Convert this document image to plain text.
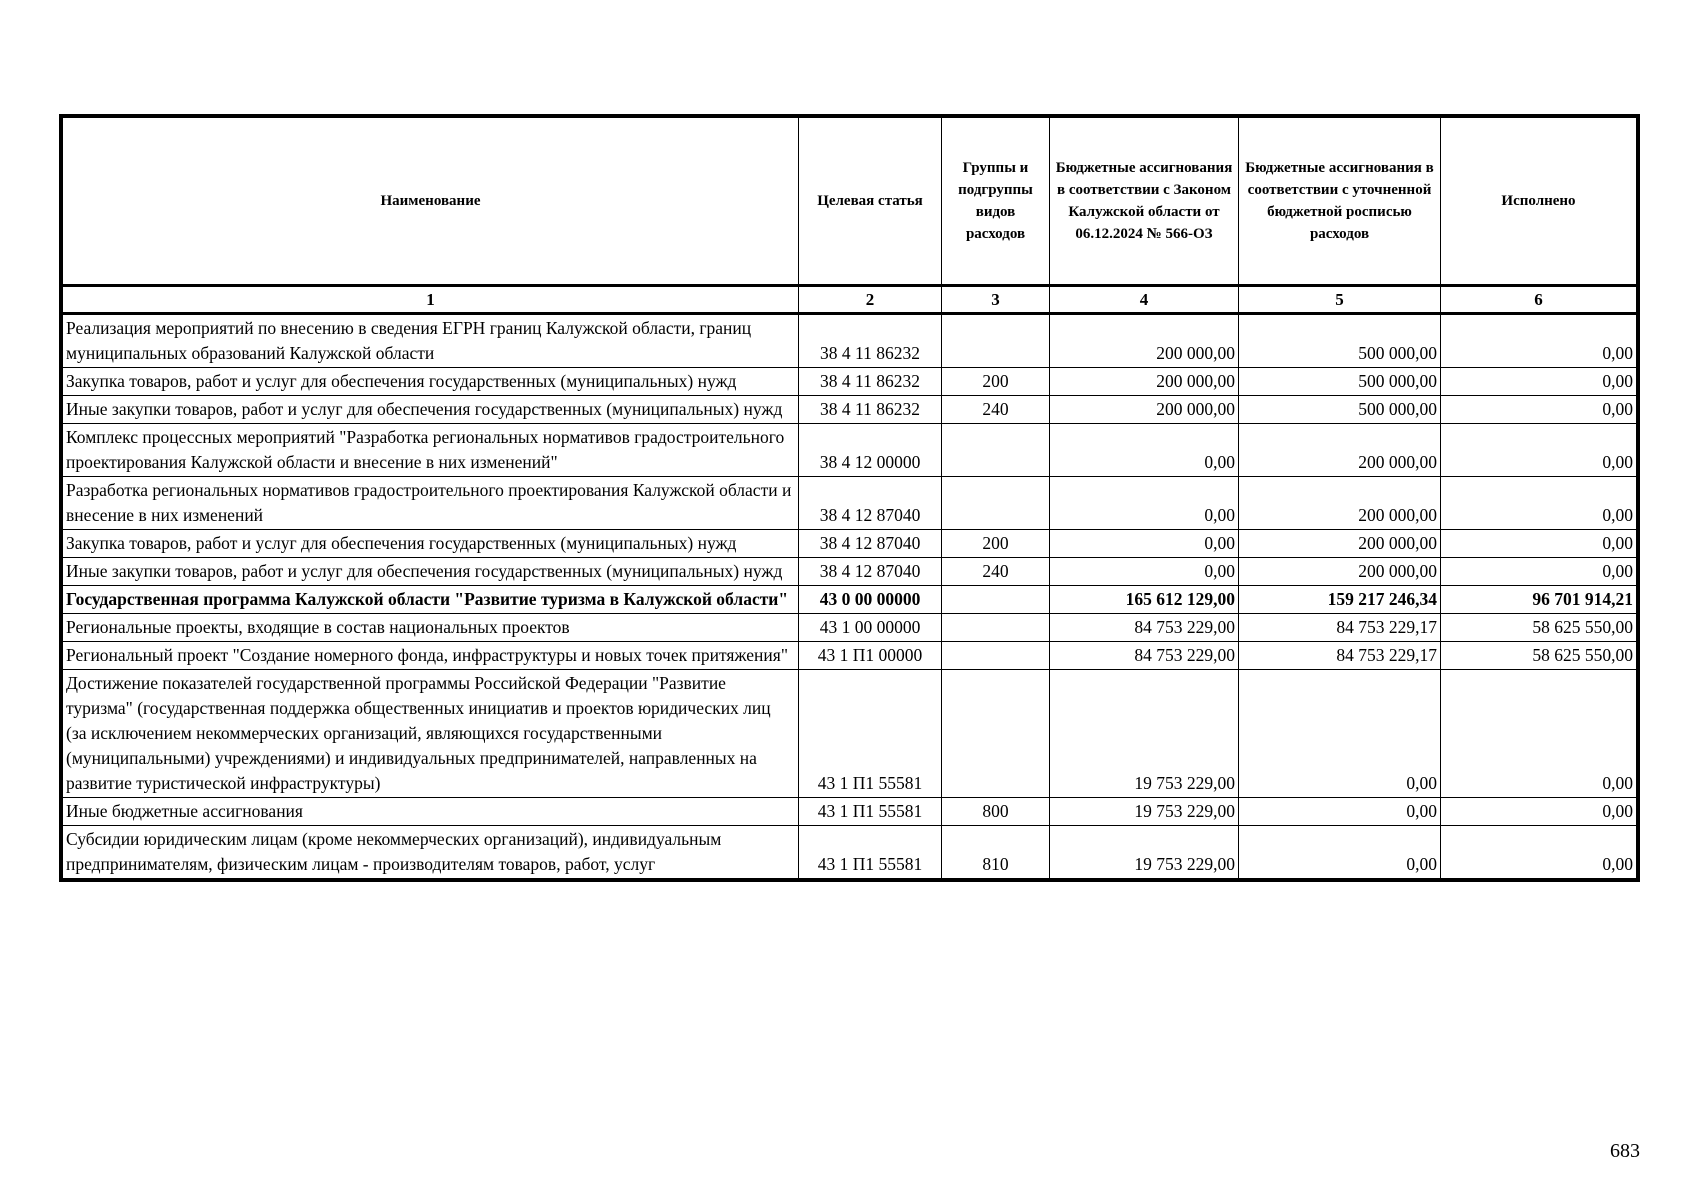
Наименование	Целевая статья	Группы и подгруппы видов расходов	Бюджетные ассигнования в соответствии с Законом Калужской области от 06.12.2024 № 566-ОЗ	Бюджетные ассигнования в соответствии с уточненной бюджетной росписью расходов	Исполнено
1	2	3	4	5	6
Реализация мероприятий по внесению в сведения ЕГРН границ Калужской области, границ муниципальных образований Калужской области	38 4 11 86232		200 000,00	500 000,00	0,00
Закупка товаров, работ и услуг для обеспечения государственных (муниципальных) нужд	38 4 11 86232	200	200 000,00	500 000,00	0,00
Иные закупки товаров, работ и услуг для обеспечения государственных (муниципальных) нужд	38 4 11 86232	240	200 000,00	500 000,00	0,00
Комплекс процессных мероприятий "Разработка региональных нормативов градостроительного проектирования Калужской области и внесение в них изменений"	38 4 12 00000		0,00	200 000,00	0,00
Разработка региональных нормативов градостроительного проектирования Калужской области и внесение в них изменений	38 4 12 87040		0,00	200 000,00	0,00
Закупка товаров, работ и услуг для обеспечения государственных (муниципальных) нужд	38 4 12 87040	200	0,00	200 000,00	0,00
Иные закупки товаров, работ и услуг для обеспечения государственных (муниципальных) нужд	38 4 12 87040	240	0,00	200 000,00	0,00
Государственная программа Калужской области "Развитие туризма в Калужской области"	43 0 00 00000		165 612 129,00	159 217 246,34	96 701 914,21
Региональные проекты, входящие в состав национальных проектов	43 1 00 00000		84 753 229,00	84 753 229,17	58 625 550,00
Региональный проект "Создание номерного фонда, инфраструктуры и новых точек притяжения"	43 1 П1 00000		84 753 229,00	84 753 229,17	58 625 550,00
Достижение показателей государственной программы Российской Федерации "Развитие туризма" (государственная поддержка общественных инициатив и проектов юридических лиц (за исключением некоммерческих организаций, являющихся государственными (муниципальными) учреждениями) и индивидуальных предпринимателей, направленных на развитие туристической инфраструктуры)	43 1 П1 55581		19 753 229,00	0,00	0,00
Иные бюджетные ассигнования	43 1 П1 55581	800	19 753 229,00	0,00	0,00
Субсидии юридическим лицам (кроме некоммерческих организаций), индивидуальным предпринимателям, физическим лицам - производителям товаров, работ, услуг	43 1 П1 55581	810	19 753 229,00	0,00	0,00
683
